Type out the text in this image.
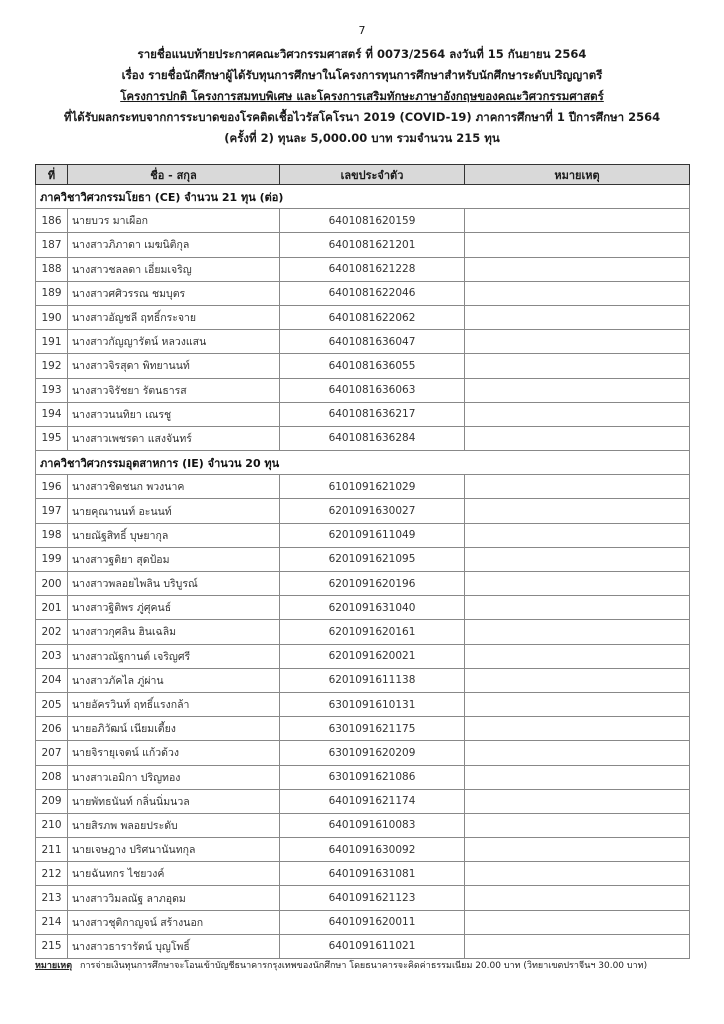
7
รายชื่อแนบท้ายประกาศคณะวิศวกรรมศาสตร์ ที่ 0073/2564 ลงวันที่ 15 กันยายน 2564
เรื่อง รายชื่อนักศึกษาผู้ได้รับทุนการศึกษาในโครงการทุนการศึกษาสำหรับนักศึกษาระดับปริญญาตรี
โครงการปกติ โครงการสมทบพิเศษ และโครงการเสริมทักษะภาษาอังกฤษของคณะวิศวกรรมศาสตร์
ที่ได้รับผลกระทบจากการระบาดของโรคติดเชื้อไวรัสโคโรนา 2019 (COVID-19) ภาคการศึกษาที่ 1 ปีการศึกษา 2564
(ครั้งที่ 2) ทุนละ 5,000.00 บาท รวมจำนวน 215 ทุน
ที่	ชื่อ - สกุล	เลขประจำตัว	หมายเหตุ
ภาควิชาวิศวกรรมโยธา (CE) จำนวน 21 ทุน (ต่อ)			
186	นายบวร มาเผือก	6401081620159	
187	นางสาวภิภาดา เมฆนิติกุล	6401081621201	
188	นางสาวชลลดา เอี่ยมเจริญ	6401081621228	
189	นางสาวศศิวรรณ ชมบุตร	6401081622046	
190	นางสาวอัญชลี ฤทธิ์กระจาย	6401081622062	
191	นางสาวกัญญารัตน์ หลวงแสน	6401081636047	
192	นางสาวจิรสุดา พิทยานนท์	6401081636055	
193	นางสาวจิรัชยา รัตนธารส	6401081636063	
194	นางสาวนนทิยา เณรชู	6401081636217	
195	นางสาวเพชรดา แสงจันทร์	6401081636284	
ภาควิชาวิศวกรรมอุตสาหการ (IE) จำนวน 20 ทุน			
196	นางสาวชิดชนก พวงนาค	6101091621029	
197	นายคุณานนท์ อะนนท์	6201091630027	
198	นายณัฐสิทธิ์ บุษยากุล	6201091611049	
199	นางสาวฐติยา สุดป้อม	6201091621095	
200	นางสาวพลอยไพลิน บริบูรณ์	6201091620196	
201	นางสาวฐิติพร ภู่ศุคนธ์	6201091631040	
202	นางสาวกุศลิน ฮินเฉลิม	6201091620161	
203	นางสาวณัฐกานต์ เจริญศรี	6201091620021	
204	นางสาวภัคไล ภู่ผ่าน	6201091611138	
205	นายอัครวินท์ ฤทธิ์แรงกล้า	6301091610131	
206	นายอภิวัฒน์ เนียมเตี้ยง	6301091621175	
207	นายจิรายุเจตน์ แก้วด้วง	6301091620209	
208	นางสาวเอมิกา ปริญทอง	6301091621086	
209	นายพัทธนันท์ กลิ่นนิ่มนวล	6401091621174	
210	นายสิรภพ พลอยประดับ	6401091610083	
211	นายเจษฎาง ปริศนานันทกุล	6401091630092	
212	นายฉันทกร ไชยวงค์	6401091631081	
213	นางสาววิมลณัฐ ลาภอุดม	6401091621123	
214	นางสาวชุติกาญจน์ สร้างนอก	6401091620011	
215	นางสาวธารารัตน์ บุญโพธิ์	6401091611021	
หมายเหตุ การจ่ายเงินทุนการศึกษาจะโอนเข้าบัญชีธนาคารกรุงเทพของนักศึกษา โดยธนาคารจะคิดค่าธรรมเนียม 20.00 บาท (วิทยาเขตปราจีนฯ 30.00 บาท)
